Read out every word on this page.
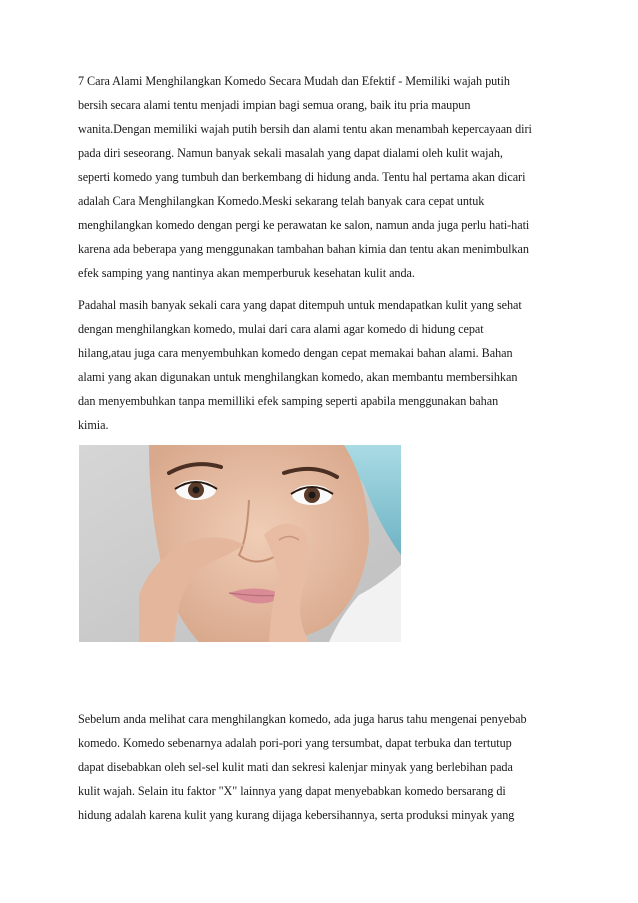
7 Cara Alami Menghilangkan Komedo Secara Mudah dan Efektif - Memiliki wajah putih
bersih secara alami tentu menjadi impian bagi semua orang, baik itu pria maupun
wanita.Dengan memiliki wajah putih bersih dan alami tentu akan menambah kepercayaan diri
pada diri seseorang. Namun banyak sekali masalah yang dapat dialami oleh kulit wajah,
seperti komedo yang tumbuh dan berkembang di hidung anda. Tentu hal pertama akan dicari
adalah Cara Menghilangkan Komedo.Meski sekarang telah banyak cara cepat untuk
menghilangkan komedo dengan pergi ke perawatan ke salon, namun anda juga perlu hati-hati
karena ada beberapa yang menggunakan tambahan bahan kimia dan tentu akan menimbulkan
efek samping yang nantinya akan memperburuk kesehatan kulit anda.
Padahal masih banyak sekali cara yang dapat ditempuh untuk mendapatkan kulit yang sehat
dengan menghilangkan komedo, mulai dari cara alami agar komedo di hidung cepat
hilang,atau juga cara menyembuhkan komedo dengan cepat memakai bahan alami. Bahan
alami yang akan digunakan untuk menghilangkan komedo, akan membantu membersihkan
dan menyembuhkan tanpa memilliki efek samping seperti apabila menggunakan bahan
kimia.
Sebelum anda melihat cara menghilangkan komedo, ada juga harus tahu mengenai penyebab
komedo. Komedo sebenarnya adalah pori-pori yang tersumbat, dapat terbuka dan tertutup
dapat disebabkan oleh sel-sel kulit mati dan sekresi kalenjar minyak yang berlebihan pada
kulit wajah. Selain itu faktor "X" lainnya yang dapat menyebabkan komedo bersarang di
hidung adalah karena kulit yang kurang dijaga kebersihannya, serta produksi minyak yang
